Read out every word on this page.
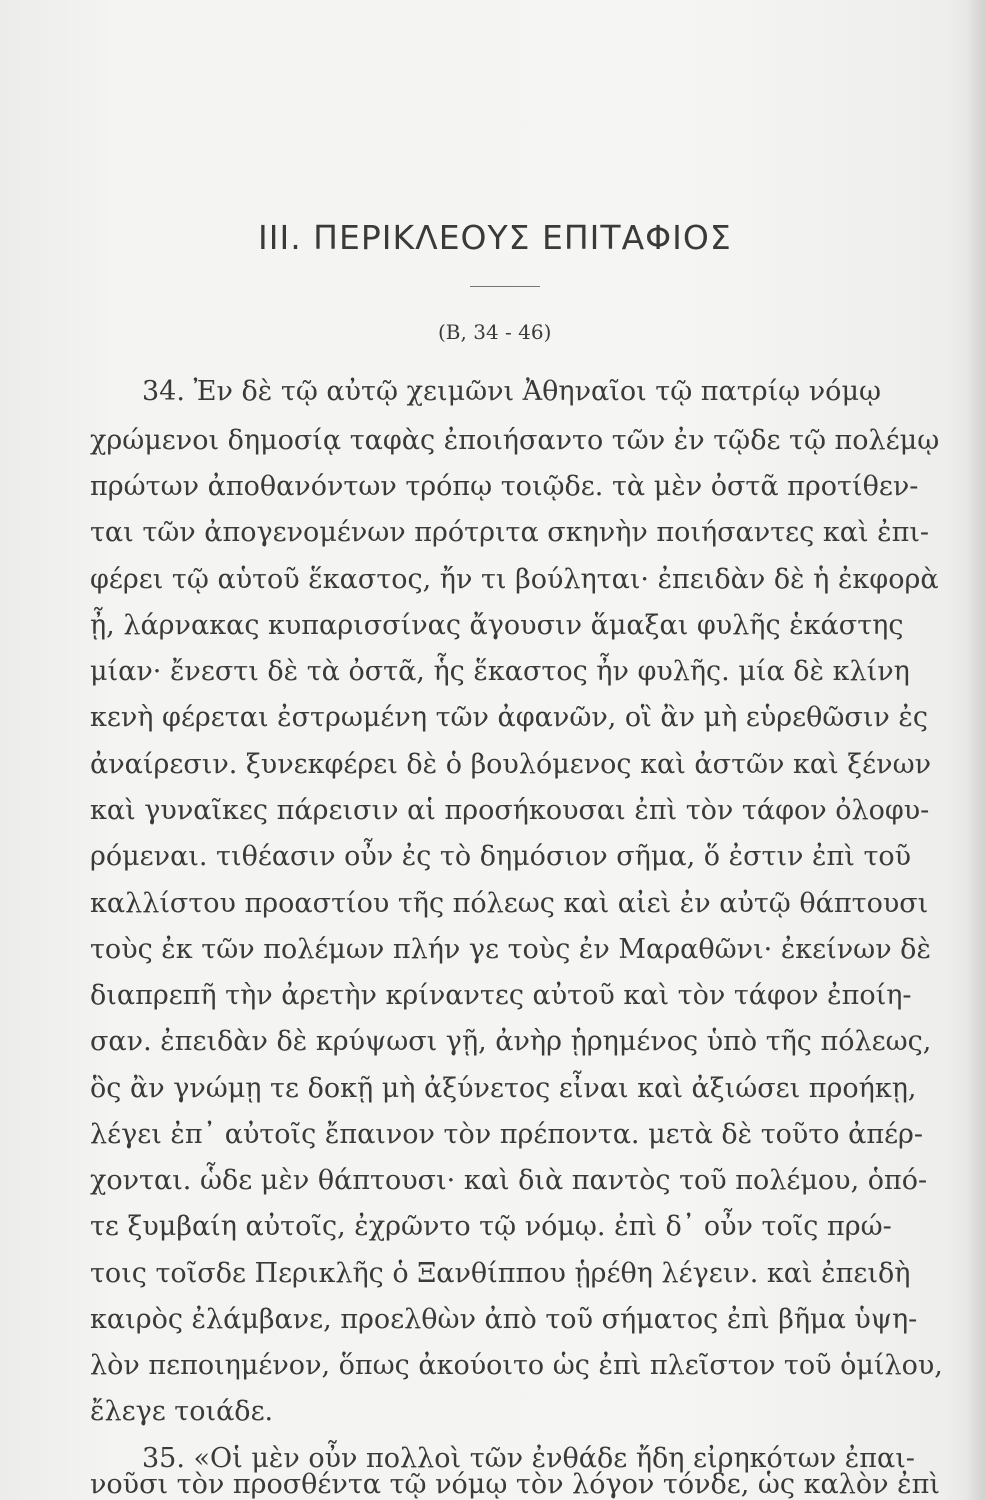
III. ΠΕΡΙΚΛΕΟΥΣ ΕΠΙΤΑΦΙΟΣ
(Β, 34 - 46)
34. Ἐν δὲ τῷ αὐτῷ χειμῶνι Ἀθηναῖοι τῷ πατρίῳ νόμῳ
χρώμενοι δημοσίᾳ ταφὰς ἐποιήσαντο τῶν ἐν τῷδε τῷ πολέμῳ
πρώτων ἀποθανόντων τρόπῳ τοιῷδε. τὰ μὲν ὀστᾶ προτίθεν-
ται τῶν ἀπογενομένων πρότριτα σκηνὴν ποιήσαντες καὶ ἐπι-
φέρει τῷ αὑτοῦ ἕκαστος, ἤν τι βούληται· ἐπειδὰν δὲ ἡ ἐκφορὰ
ᾖ, λάρνακας κυπαρισσίνας ἄγουσιν ἅμαξαι φυλῆς ἑκάστης
μίαν· ἔνεστι δὲ τὰ ὀστᾶ, ἧς ἕκαστος ἦν φυλῆς. μία δὲ κλίνη
κενὴ φέρεται ἐστρωμένη τῶν ἀφανῶν, οἳ ἂν μὴ εὑρεθῶσιν ἐς
ἀναίρεσιν. ξυνεκφέρει δὲ ὁ βουλόμενος καὶ ἀστῶν καὶ ξένων
καὶ γυναῖκες πάρεισιν αἱ προσήκουσαι ἐπὶ τὸν τάφον ὀλοφυ-
ρόμεναι. τιθέασιν οὖν ἐς τὸ δημόσιον σῆμα, ὅ ἐστιν ἐπὶ τοῦ
καλλίστου προαστίου τῆς πόλεως καὶ αἰεὶ ἐν αὐτῷ θάπτουσι
τοὺς ἐκ τῶν πολέμων πλήν γε τοὺς ἐν Μαραθῶνι· ἐκείνων δὲ
διαπρεπῆ τὴν ἀρετὴν κρίναντες αὐτοῦ καὶ τὸν τάφον ἐποίη-
σαν. ἐπειδὰν δὲ κρύψωσι γῇ, ἀνὴρ ᾑρημένος ὑπὸ τῆς πόλεως,
ὃς ἂν γνώμῃ τε δοκῇ μὴ ἀξύνετος εἶναι καὶ ἀξιώσει προήκῃ,
λέγει ἐπ᾽ αὐτοῖς ἔπαινον τὸν πρέποντα. μετὰ δὲ τοῦτο ἀπέρ-
χονται. ὧδε μὲν θάπτουσι· καὶ διὰ παντὸς τοῦ πολέμου, ὁπό-
τε ξυμβαίη αὐτοῖς, ἐχρῶντο τῷ νόμῳ. ἐπὶ δ᾽ οὖν τοῖς πρώ-
τοις τοῖσδε Περικλῆς ὁ Ξανθίππου ᾑρέθη λέγειν. καὶ ἐπειδὴ
καιρὸς ἐλάμβανε, προελθὼν ἀπὸ τοῦ σήματος ἐπὶ βῆμα ὑψη-
λὸν πεποιημένον, ὅπως ἀκούοιτο ὡς ἐπὶ πλεῖστον τοῦ ὁμίλου,
ἔλεγε τοιάδε.
35. «Οἱ μὲν οὖν πολλοὶ τῶν ἐνθάδε ἤδη εἰρηκότων ἐπαι-
νοῦσι τὸν προσθέντα τῷ νόμῳ τὸν λόγον τόνδε, ὡς καλὸν ἐπὶ
